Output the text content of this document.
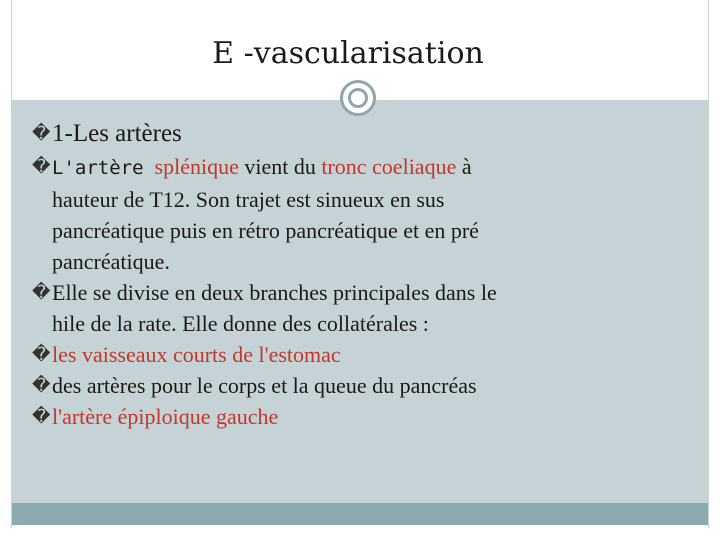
E -vascularisation
� 1-Les artères
� L'artère splénique vient du tronc coeliaque à
hauteur de T12. Son trajet est sinueux en sus
pancréatique puis en rétro pancréatique et en pré
pancréatique.
� Elle se divise en deux branches principales dans le
hile de la rate. Elle donne des collatérales :
� les vaisseaux courts de l'estomac
� des artères pour le corps et la queue du pancréas
� l'artère épiploique gauche
